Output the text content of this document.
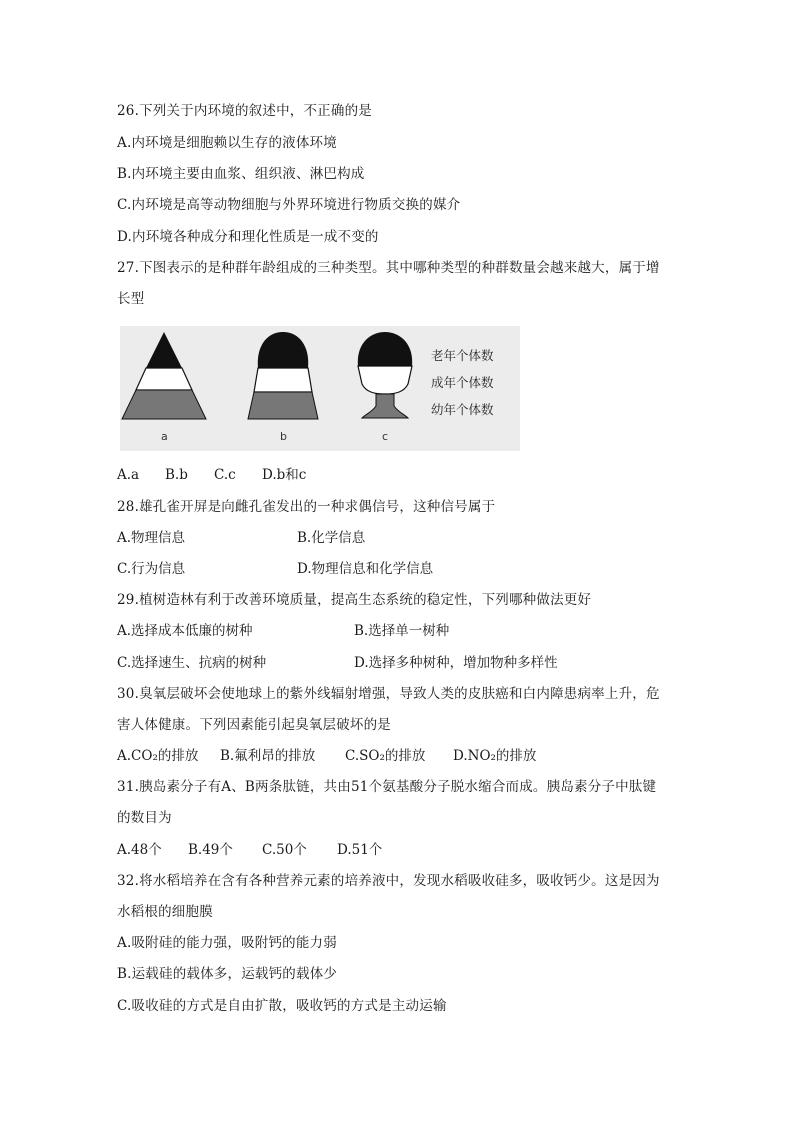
26.下列关于内环境的叙述中，不正确的是
A.内环境是细胞赖以生存的液体环境
B.内环境主要由血浆、组织液、淋巴构成
C.内环境是高等动物细胞与外界环境进行物质交换的媒介
D.内环境各种成分和理化性质是一成不变的
27.下图表示的是种群年龄组成的三种类型。其中哪种类型的种群数量会越来越大，属于增
长型
a	b	c
老年个体数
成年个体数
幼年个体数
A.a B.b C.c D.b和c
28.雄孔雀开屏是向雌孔雀发出的一种求偶信号，这种信号属于
A.物理信息	B.化学信息
C.行为信息	D.物理信息和化学信息
29.植树造林有利于改善环境质量，提高生态系统的稳定性，下列哪种做法更好
A.选择成本低廉的树种	B.选择单一树种
C.选择速生、抗病的树种	D.选择多种树种，增加物种多样性
30.臭氧层破坏会使地球上的紫外线辐射增强，导致人类的皮肤癌和白内障患病率上升，危
害人体健康。下列因素能引起臭氧层破坏的是
A.CO₂的排放 B.氟利昂的排放 C.SO₂的排放 D.NO₂的排放
31.胰岛素分子有A、B两条肽链，共由51个氨基酸分子脱水缩合而成。胰岛素分子中肽键
的数目为
A.48个 B.49个 C.50个 D.51个
32.将水稻培养在含有各种营养元素的培养液中，发现水稻吸收硅多，吸收钙少。这是因为
水稻根的细胞膜
A.吸附硅的能力强，吸附钙的能力弱
B.运载硅的载体多，运载钙的载体少
C.吸收硅的方式是自由扩散，吸收钙的方式是主动运输
